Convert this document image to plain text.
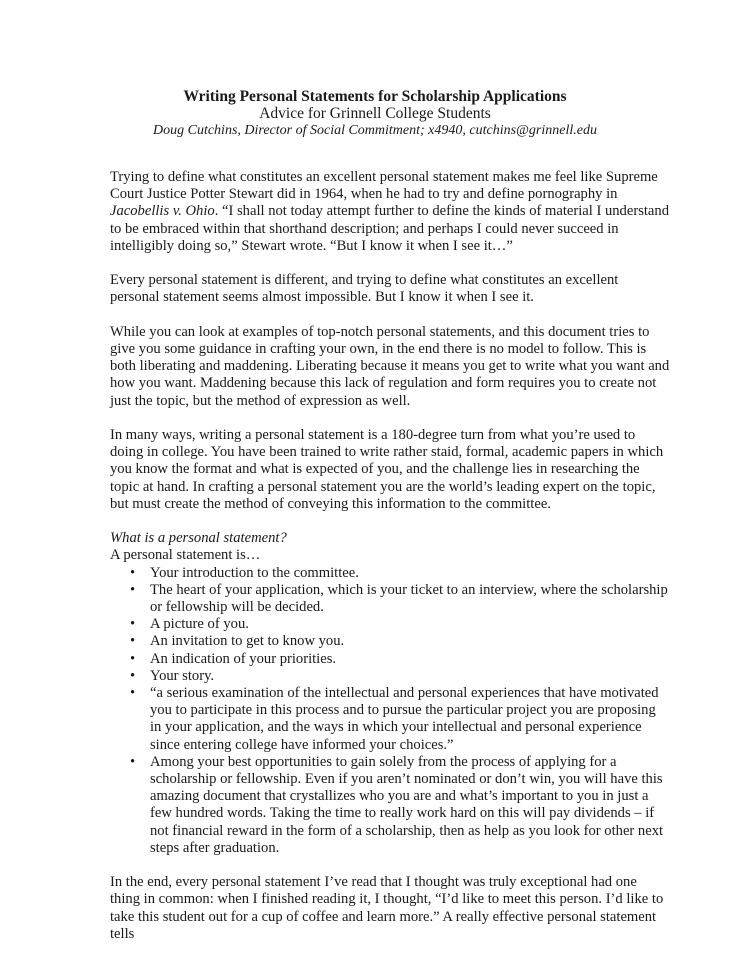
Writing Personal Statements for Scholarship Applications
Advice for Grinnell College Students
Doug Cutchins, Director of Social Commitment; x4940, cutchins@grinnell.edu

Trying to define what constitutes an excellent personal statement makes me feel like Supreme Court Justice Potter Stewart did in 1964, when he had to try and define pornography in Jacobellis v. Ohio. “I shall not today attempt further to define the kinds of material I understand to be embraced within that shorthand description; and perhaps I could never succeed in intelligibly doing so,” Stewart wrote. “But I know it when I see it…”

Every personal statement is different, and trying to define what constitutes an excellent personal statement seems almost impossible. But I know it when I see it.

While you can look at examples of top-notch personal statements, and this document tries to give you some guidance in crafting your own, in the end there is no model to follow. This is both liberating and maddening. Liberating because it means you get to write what you want and how you want. Maddening because this lack of regulation and form requires you to create not just the topic, but the method of expression as well.

In many ways, writing a personal statement is a 180-degree turn from what you’re used to doing in college. You have been trained to write rather staid, formal, academic papers in which you know the format and what is expected of you, and the challenge lies in researching the topic at hand. In crafting a personal statement you are the world’s leading expert on the topic, but must create the method of conveying this information to the committee.

What is a personal statement?

A personal statement is…

• Your introduction to the committee.
• The heart of your application, which is your ticket to an interview, where the scholarship or fellowship will be decided.
• A picture of you.
• An invitation to get to know you.
• An indication of your priorities.
• Your story.
• “a serious examination of the intellectual and personal experiences that have motivated you to participate in this process and to pursue the particular project you are proposing in your application, and the ways in which your intellectual and personal experience since entering college have informed your choices.”
• Among your best opportunities to gain solely from the process of applying for a scholarship or fellowship. Even if you aren’t nominated or don’t win, you will have this amazing document that crystallizes who you are and what’s important to you in just a few hundred words. Taking the time to really work hard on this will pay dividends – if not financial reward in the form of a scholarship, then as help as you look for other next steps after graduation.

In the end, every personal statement I’ve read that I thought was truly exceptional had one thing in common: when I finished reading it, I thought, “I’d like to meet this person. I’d like to take this student out for a cup of coffee and learn more.” A really effective personal statement tells
